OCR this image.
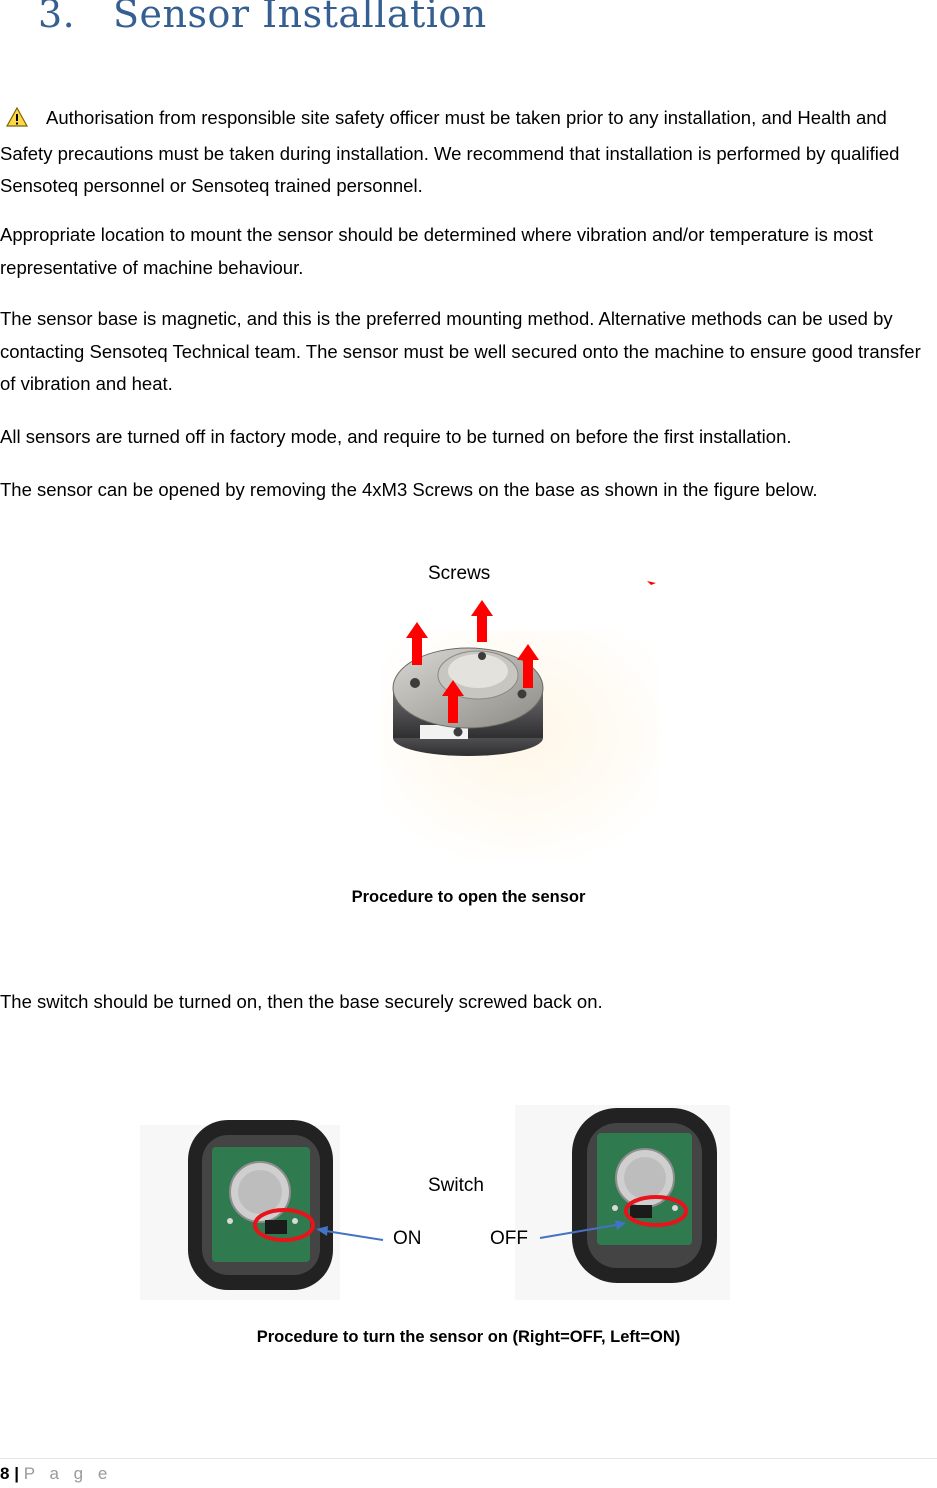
3. Sensor Installation

Authorisation from responsible site safety officer must be taken prior to any installation, and Health and Safety precautions must be taken during installation. We recommend that installation is performed by qualified Sensoteq personnel or Sensoteq trained personnel.

Appropriate location to mount the sensor should be determined where vibration and/or temperature is most representative of machine behaviour.

The sensor base is magnetic, and this is the preferred mounting method. Alternative methods can be used by contacting Sensoteq Technical team. The sensor must be well secured onto the machine to ensure good transfer of vibration and heat.

All sensors are turned off in factory mode, and require to be turned on before the first installation.

The sensor can be opened by removing the 4xM3 Screws on the base as shown in the figure below.

Screws
Procedure to open the sensor

The switch should be turned on, then the base securely screwed back on.

Switch
ON	OFF
Procedure to turn the sensor on (Right=OFF, Left=ON)
8 | P a g e
